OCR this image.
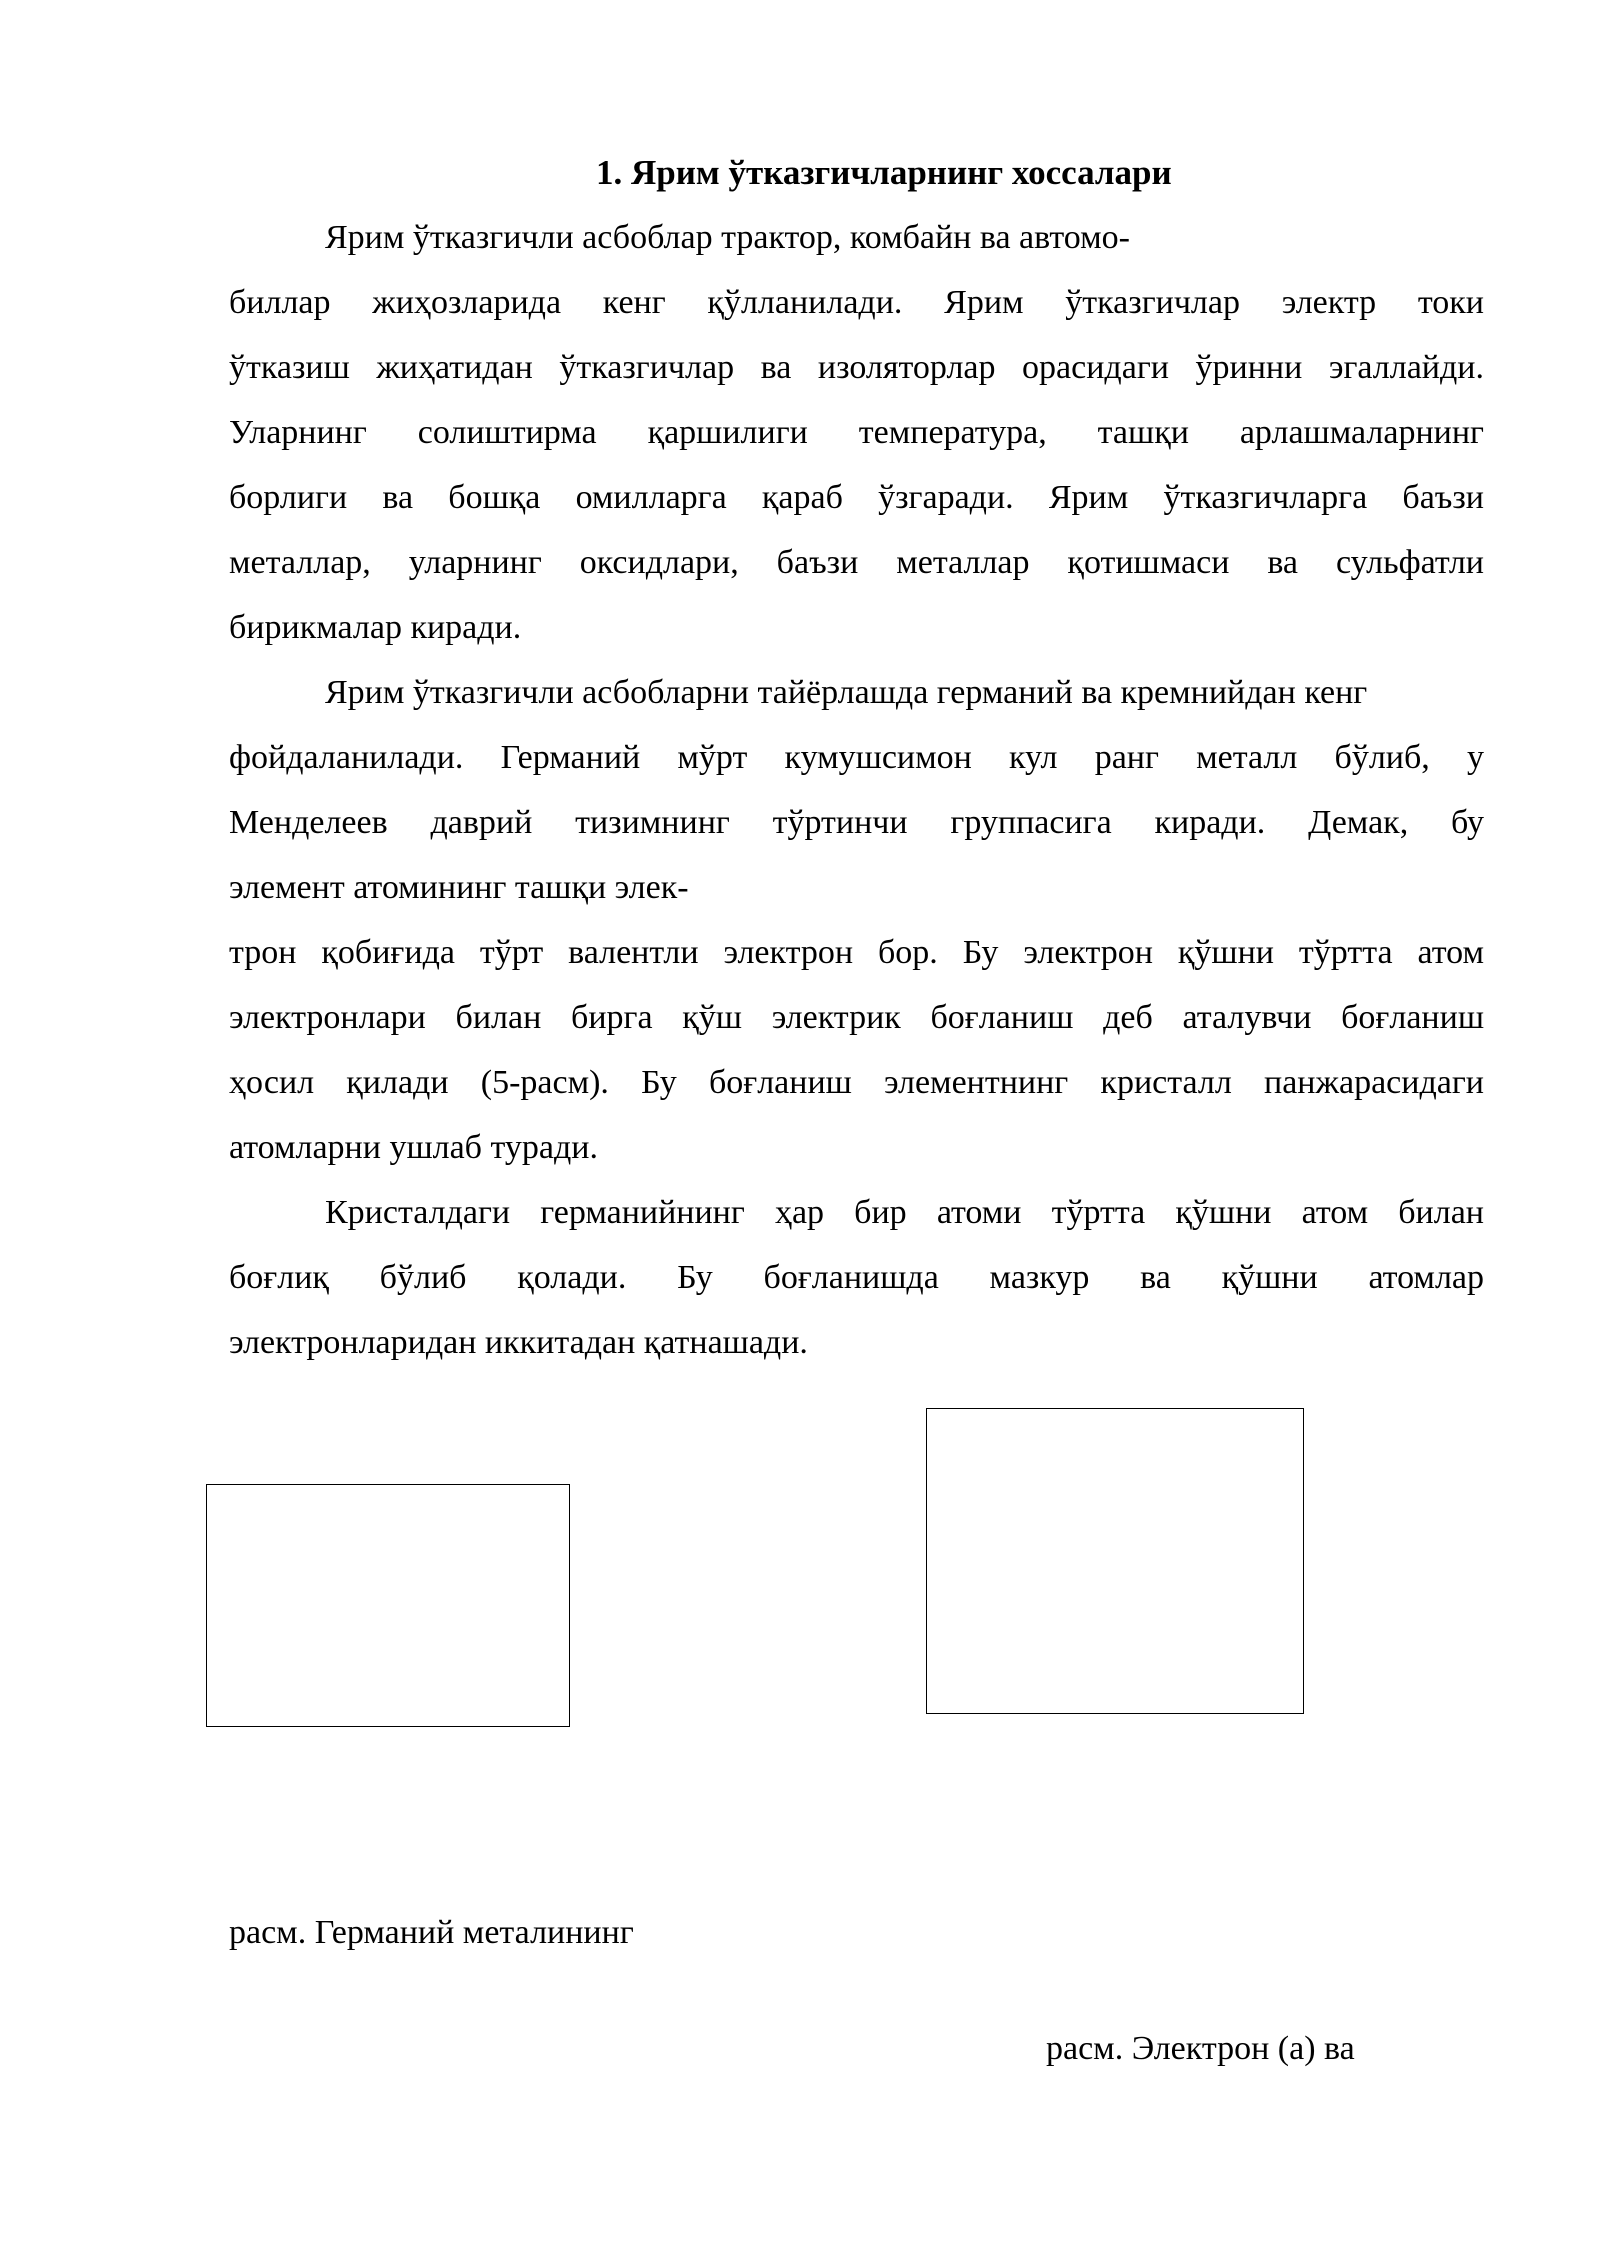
1. Ярим ўтказгичларнинг хоссалари
Ярим ўтказгичли асбоблар трактор, комбайн ва автомо-
биллар жиҳозларида кенг қўлланилади. Ярим ўтказгичлар электр токи
ўтказиш жиҳатидан ўтказгичлар ва изоляторлар орасидаги ўринни эгаллайди.
Уларнинг солиштирма қаршилиги температура, ташқи арлашмаларнинг
борлиги ва бошқа омилларга қараб ўзгаради. Ярим ўтказгичларга баъзи
металлар, уларнинг оксидлари, баъзи металлар қотишмаси ва сульфатли
бирикмалар киради.
Ярим ўтказгичли асбобларни тайёрлашда германий ва кремнийдан кенг
фойдаланилади. Германий мўрт кумушсимон кул ранг металл бўлиб, у
Менделеев даврий тизимнинг тўртинчи группасига киради. Демак, бу
элемент атомининг ташқи элек-
трон қобиғида тўрт валентли электрон бор. Бу электрон қўшни тўртта атом
электронлари билан бирга қўш электрик боғланиш деб аталувчи боғланиш
ҳосил қилади (5-расм). Бу боғланиш элементнинг кристалл панжарасидаги
атомларни ушлаб туради.
Кристалдаги германийнинг ҳар бир атоми тўртта қўшни атом билан
боғлиқ бўлиб қолади. Бу боғланишда мазкур ва қўшни атомлар
электронларидан иккитадан қатнашади.
расм. Германий металининг
расм. Электрон (а) ва
